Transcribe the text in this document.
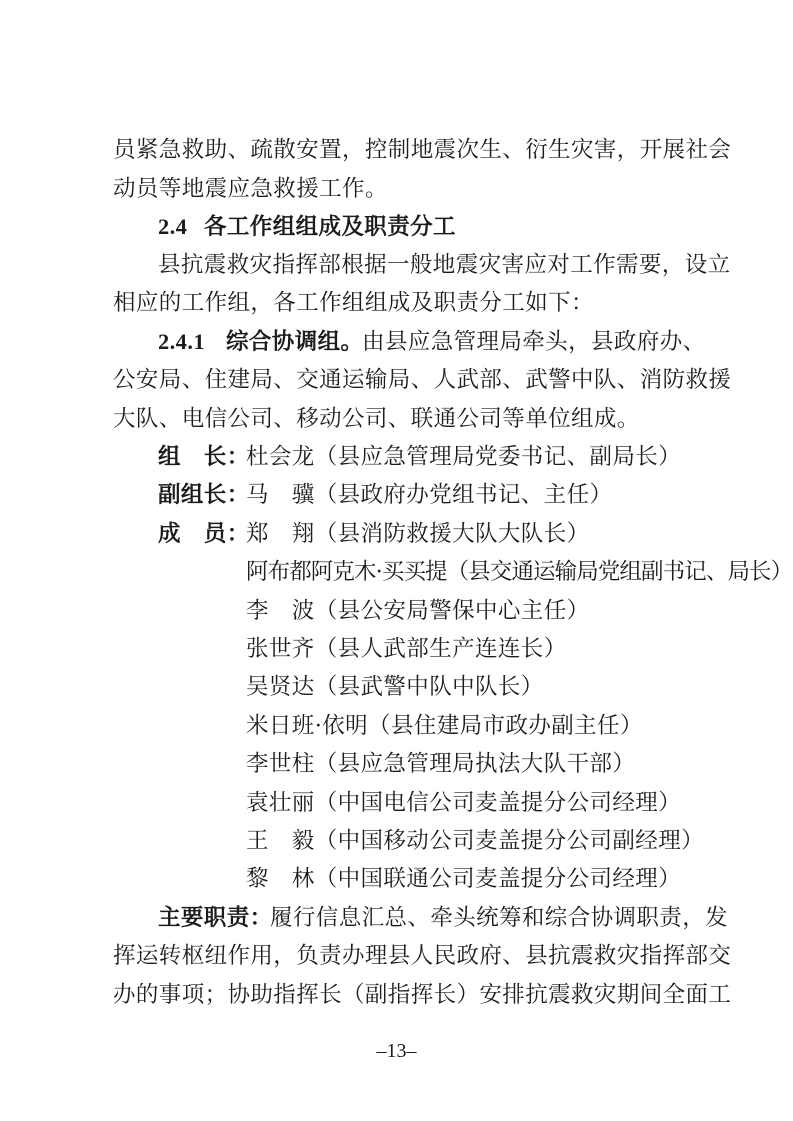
员紧急救助、疏散安置，控制地震次生、衍生灾害，开展社会
动员等地震应急救援工作。
2.4 各工作组组成及职责分工
县抗震救灾指挥部根据一般地震灾害应对工作需要，设立
相应的工作组，各工作组组成及职责分工如下：
2.4.1 综合协调组。
由县应急管理局牵头，县政府办、
公安局、住建局、交通运输局、人武部、武警中队、消防救援
大队、电信公司、移动公司、联通公司等单位组成。
组　长：
杜会龙（县应急管理局党委书记、副局长）
副组长：
马　骥（县政府办党组书记、主任）
成　员：
郑　翔（县消防救援大队大队长）
阿布都阿克木·买买提（县交通运输局党组副书记、局长）
李　波（县公安局警保中心主任）
张世齐（县人武部生产连连长）
吴贤达（县武警中队中队长）
米日班·依明（县住建局市政办副主任）
李世柱（县应急管理局执法大队干部）
袁壮丽（中国电信公司麦盖提分公司经理）
王　毅（中国移动公司麦盖提分公司副经理）
黎　林（中国联通公司麦盖提分公司经理）
主要职责：
履行信息汇总、牵头统筹和综合协调职责，发
挥运转枢纽作用，负责办理县人民政府、县抗震救灾指挥部交
办的事项；协助指挥长（副指挥长）安排抗震救灾期间全面工
–13–
